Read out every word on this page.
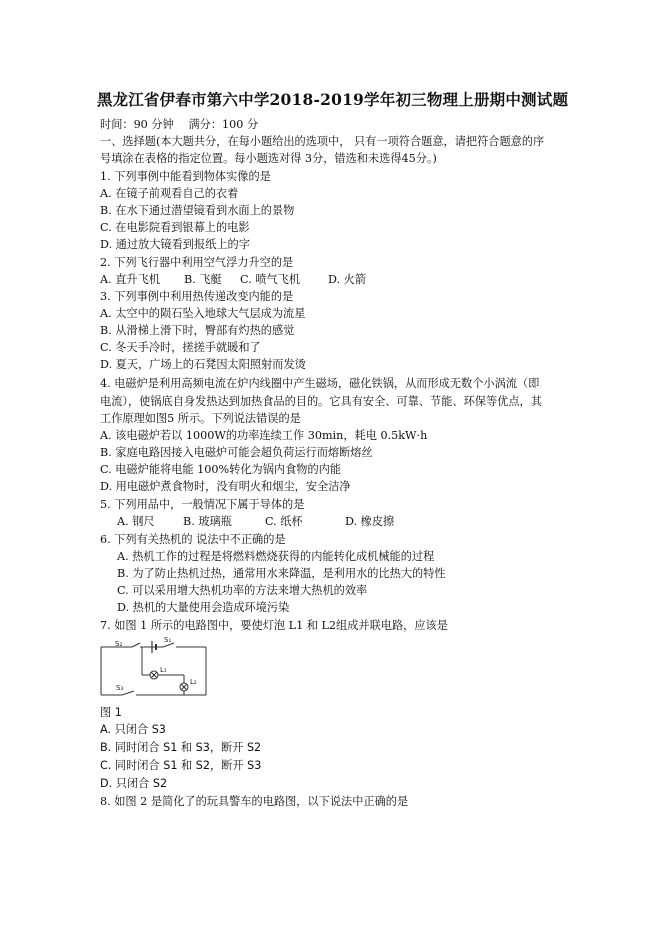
黑龙江省伊春市第六中学2018-2019学年初三物理上册期中测试题
时间：90 分钟　 满分：100 分
一、选择题(本大题共分，在每小题给出的选项中， 只有一项符合题意，请把符合题意的序
号填涂在表格的指定位置。每小题选对得 3分，错选和未选得45分。)
1. 下列事例中能看到物体实像的是
A. 在镜子前观看自己的衣着
B. 在水下通过潜望镜看到水面上的景物
C. 在电影院看到银幕上的电影
D. 通过放大镜看到报纸上的字
2. 下列飞行器中利用空气浮力升空的是
A. 直升飞机 B. 飞艇 C. 喷气飞机 D. 火箭
3. 下列事例中利用热传递改变内能的是
A. 太空中的陨石坠入地球大气层成为流星
B. 从滑梯上滑下时，臀部有灼热的感觉
C. 冬天手冷时，搓搓手就暖和了
D. 夏天，广场上的石凳因太阳照射而发烫
4. 电磁炉是利用高频电流在炉内线圈中产生磁场，磁化铁锅，从而形成无数个小涡流（即
电流），使锅底自身发热达到加热食品的目的。它具有安全、可靠、节能、环保等优点，其
工作原理如图5 所示。下列说法错误的是
A. 该电磁炉若以 1000W的功率连续工作 30min，耗电 0.5kW·h
B. 家庭电路因接入电磁炉可能会超负荷运行而熔断熔丝
C. 电磁炉能将电能 100%转化为锅内食物的内能
D. 用电磁炉煮食物时，没有明火和烟尘，安全洁净
5. 下列用品中，一般情况下属于导体的是
A. 钢尺	B. 玻璃瓶	C. 纸杯	D. 橡皮擦
6. 下列有关热机的 说法中不正确的是
A. 热机工作的过程是将燃料燃烧获得的内能转化成机械能的过程
B. 为了防止热机过热，通常用水来降温，是利用水的比热大的特性
C. 可以采用增大热机功率的方法来增大热机的效率
D. 热机的大量使用会造成环境污染
7. 如图 1 所示的电路图中，要使灯泡 L1 和 L2组成并联电路，应该是
S₂	S₁
L₁
S₃
L₂
图 1
A. 只闭合 S3
B. 同时闭合 S1 和 S3，断开 S2
C. 同时闭合 S1 和 S2，断开 S3
D. 只闭合 S2
8. 如图 2 是简化了的玩具警车的电路图，以下说法中正确的是
